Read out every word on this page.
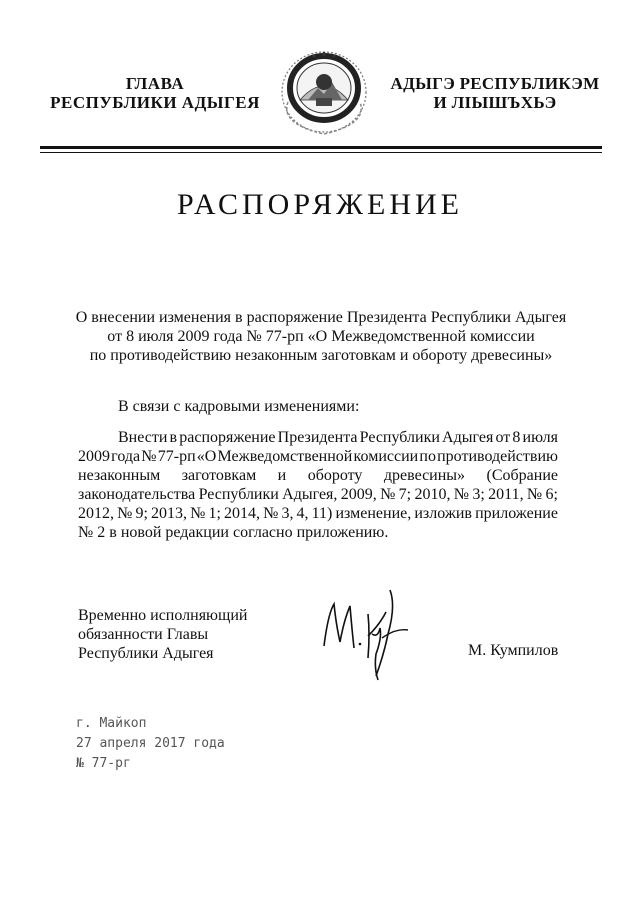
ГЛАВА
РЕСПУБЛИКИ АДЫГЕЯ
АДЫГЭ РЕСПУБЛИКЭМ
И ЛІЫШЪХЬЭ
РАСПОРЯЖЕНИЕ
О внесении изменения в распоряжение Президента Республики Адыгея
от 8 июля 2009 года № 77-рп «О Межведомственной комиссии
по противодействию незаконным заготовкам и обороту древесины»
В связи с кадровыми изменениями:
Внести в распоряжение Президента Республики Адыгея от 8 июля
2009 года № 77-рп «О Межведомственной комиссии по противодействию
незаконным заготовкам и обороту древесины» (Собрание
законодательства Республики Адыгея, 2009, № 7; 2010, № 3; 2011, № 6;
2012, № 9; 2013, № 1; 2014, № 3, 4, 11) изменение, изложив приложение
№ 2 в новой редакции согласно приложению.
Временно исполняющий
обязанности Главы
Республики Адыгея	М. Кумпилов
г. Майкоп
27 апреля 2017 года
№ 77-рг
